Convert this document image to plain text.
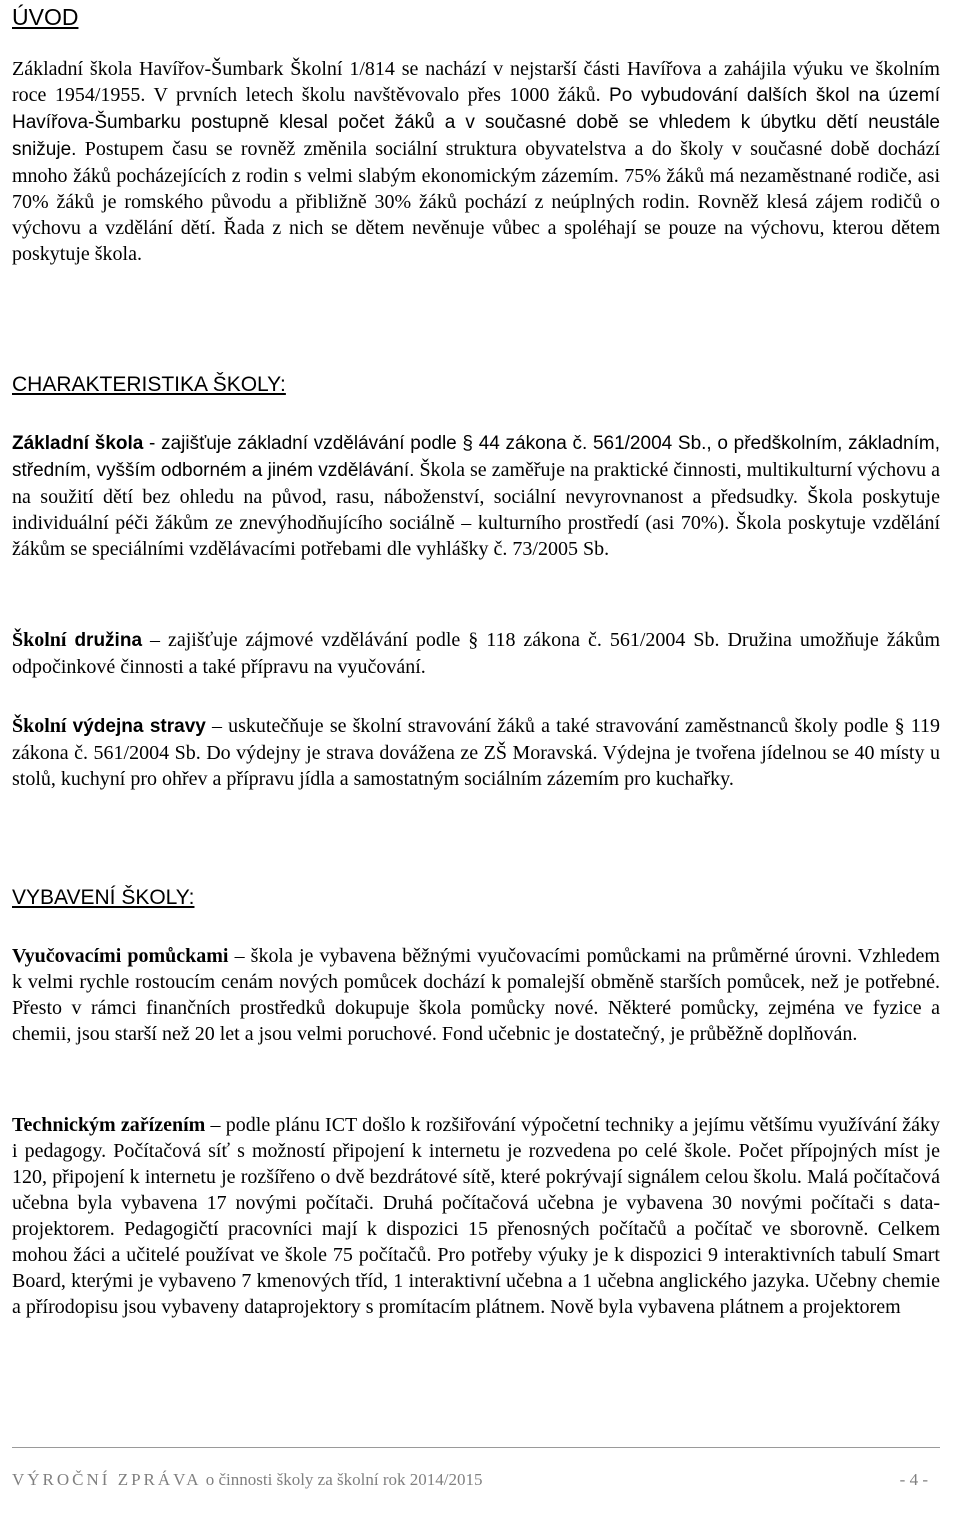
ÚVOD

Základní škola Havířov-Šumbark Školní 1/814 se nachází v nejstarší části Havířova a zahájila výuku ve školním roce 1954/1955. V prvních letech školu navštěvovalo přes 1000 žáků. Po vybudování dalších škol na území Havířova-Šumbarku postupně klesal počet žáků a v současné době se vhledem k úbytku dětí neustále snižuje. Postupem času se rovněž změnila sociální struktura obyvatelstva a do školy v současné době dochází mnoho žáků pocházejících z rodin s velmi slabým ekonomickým zázemím. 75% žáků má nezaměstnané rodiče, asi 70% žáků je romského původu a přibližně 30% žáků pochází z neúplných rodin. Rovněž klesá zájem rodičů o výchovu a vzdělání dětí. Řada z nich se dětem nevěnuje vůbec a spoléhají se pouze na výchovu, kterou dětem poskytuje škola.

CHARAKTERISTIKA ŠKOLY:

Základní škola - zajišťuje základní vzdělávání podle § 44 zákona č. 561/2004 Sb., o předškolním, základním, středním, vyšším odborném a jiném vzdělávání. Škola se zaměřuje na praktické činnosti, multikulturní výchovu a na soužití dětí bez ohledu na původ, rasu, náboženství, sociální nevyrovnanost a předsudky. Škola poskytuje individuální péči žákům ze znevýhodňujícího sociálně – kulturního prostředí (asi 70%). Škola poskytuje vzdělání žákům se speciálními vzdělávacími potřebami dle vyhlášky č. 73/2005 Sb.

Školní družina – zajišťuje zájmové vzdělávání podle § 118 zákona č. 561/2004 Sb. Družina umožňuje žákům odpočinkové činnosti a také přípravu na vyučování.

Školní výdejna stravy – uskutečňuje se školní stravování žáků a také stravování zaměstnanců školy podle § 119 zákona č. 561/2004 Sb. Do výdejny je strava dovážena ze ZŠ Moravská. Výdejna je tvořena jídelnou se 40 místy u stolů, kuchyní pro ohřev a přípravu jídla a samostatným sociálním zázemím pro kuchařky.

VYBAVENÍ ŠKOLY:

Vyučovacími pomůckami – škola je vybavena běžnými vyučovacími pomůckami na průměrné úrovni. Vzhledem k velmi rychle rostoucím cenám nových pomůcek dochází k pomalejší obměně starších pomůcek, než je potřebné. Přesto v rámci finančních prostředků dokupuje škola pomůcky nové. Některé pomůcky, zejména ve fyzice a chemii, jsou starší než 20 let a jsou velmi poruchové. Fond učebnic je dostatečný, je průběžně doplňován.

Technickým zařízením – podle plánu ICT došlo k rozšiřování výpočetní techniky a jejímu většímu využívání žáky i pedagogy. Počítačová síť s možností připojení k internetu je rozvedena po celé škole. Počet přípojných míst je 120, připojení k internetu je rozšířeno o dvě bezdrátové sítě, které pokrývají signálem celou školu. Malá počítačová učebna byla vybavena 17 novými počítači. Druhá počítačová učebna je vybavena 30 novými počítači s data-projektorem. Pedagogičtí pracovníci mají k dispozici 15 přenosných počítačů a počítač ve sborovně. Celkem mohou žáci a učitelé používat ve škole 75 počítačů. Pro potřeby výuky je k dispozici 9 interaktivních tabulí Smart Board, kterými je vybaveno 7 kmenových tříd, 1 interaktivní učebna a 1 učebna anglického jazyka. Učebny chemie a přírodopisu jsou vybaveny dataprojektory s promítacím plátnem. Nově byla vybavena plátnem a projektorem

VÝROČNÍ ZPRÁVA o činnosti školy za školní rok 2014/2015	- 4 -
